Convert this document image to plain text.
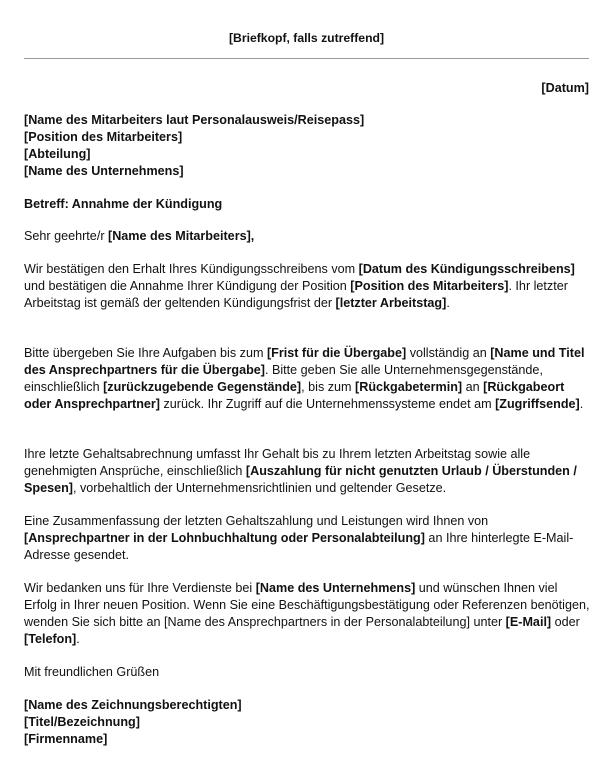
[Briefkopf, falls zutreffend]
[Datum]
[Name des Mitarbeiters laut Personalausweis/Reisepass]
[Position des Mitarbeiters]
[Abteilung]
[Name des Unternehmens]
Betreff: Annahme der Kündigung
Sehr geehrte/r [Name des Mitarbeiters],

Wir bestätigen den Erhalt Ihres Kündigungsschreibens vom [Datum des Kündigungsschreibens] und bestätigen die Annahme Ihrer Kündigung der Position [Position des Mitarbeiters]. Ihr letzter Arbeitstag ist gemäß der geltenden Kündigungsfrist der [letzter Arbeitstag].

Bitte übergeben Sie Ihre Aufgaben bis zum [Frist für die Übergabe] vollständig an [Name und Titel des Ansprechpartners für die Übergabe]. Bitte geben Sie alle Unternehmensgegenstände, einschließlich [zurückzugebende Gegenstände], bis zum [Rückgabetermin] an [Rückgabeort oder Ansprechpartner] zurück. Ihr Zugriff auf die Unternehmenssysteme endet am [Zugriffsende].

Ihre letzte Gehaltsabrechnung umfasst Ihr Gehalt bis zu Ihrem letzten Arbeitstag sowie alle genehmigten Ansprüche, einschließlich [Auszahlung für nicht genutzten Urlaub / Überstunden / Spesen], vorbehaltlich der Unternehmensrichtlinien und geltender Gesetze.

Eine Zusammenfassung der letzten Gehaltszahlung und Leistungen wird Ihnen von [Ansprechpartner in der Lohnbuchhaltung oder Personalabteilung] an Ihre hinterlegte E-Mail-Adresse gesendet.

Wir bedanken uns für Ihre Verdienste bei [Name des Unternehmens] und wünschen Ihnen viel Erfolg in Ihrer neuen Position. Wenn Sie eine Beschäftigungsbestätigung oder Referenzen benötigen, wenden Sie sich bitte an [Name des Ansprechpartners in der Personalabteilung] unter [E-Mail] oder [Telefon].

Mit freundlichen Grüßen
[Name des Zeichnungsberechtigten]
[Titel/Bezeichnung]
[Firmenname]
